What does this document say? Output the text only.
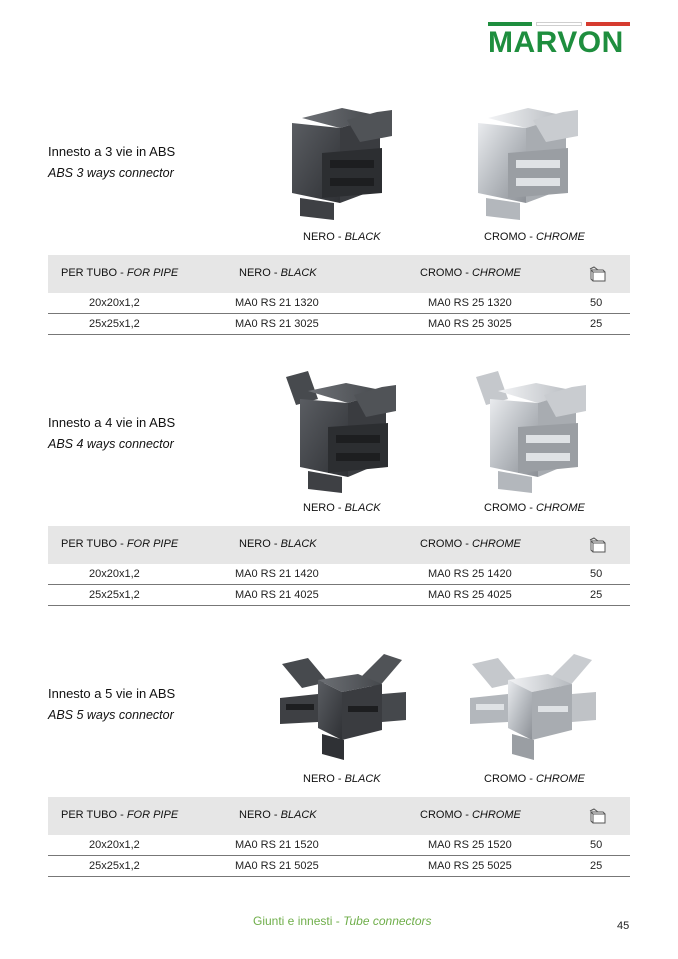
MARVON
Innesto a 3 vie in ABS
ABS 3 ways connector
NERO - BLACK	CROMO - CHROME
PER TUBO - FOR PIPE	NERO - BLACK	CROMO - CHROME
20x20x1,2	MA0 RS 21 1320	MA0 RS 25 1320	50
25x25x1,2	MA0 RS 21 3025	MA0 RS 25 3025	25
Innesto a 4 vie in ABS
ABS 4 ways connector
NERO - BLACK	CROMO - CHROME
PER TUBO - FOR PIPE	NERO - BLACK	CROMO - CHROME
20x20x1,2	MA0 RS 21 1420	MA0 RS 25 1420	50
25x25x1,2	MA0 RS 21 4025	MA0 RS 25 4025	25
Innesto a 5 vie in ABS
ABS 5 ways connector
NERO - BLACK	CROMO - CHROME
PER TUBO - FOR PIPE	NERO - BLACK	CROMO - CHROME
20x20x1,2	MA0 RS 21 1520	MA0 RS 25 1520	50
25x25x1,2	MA0 RS 21 5025	MA0 RS 25 5025	25
Giunti e innesti - Tube connectors	45
